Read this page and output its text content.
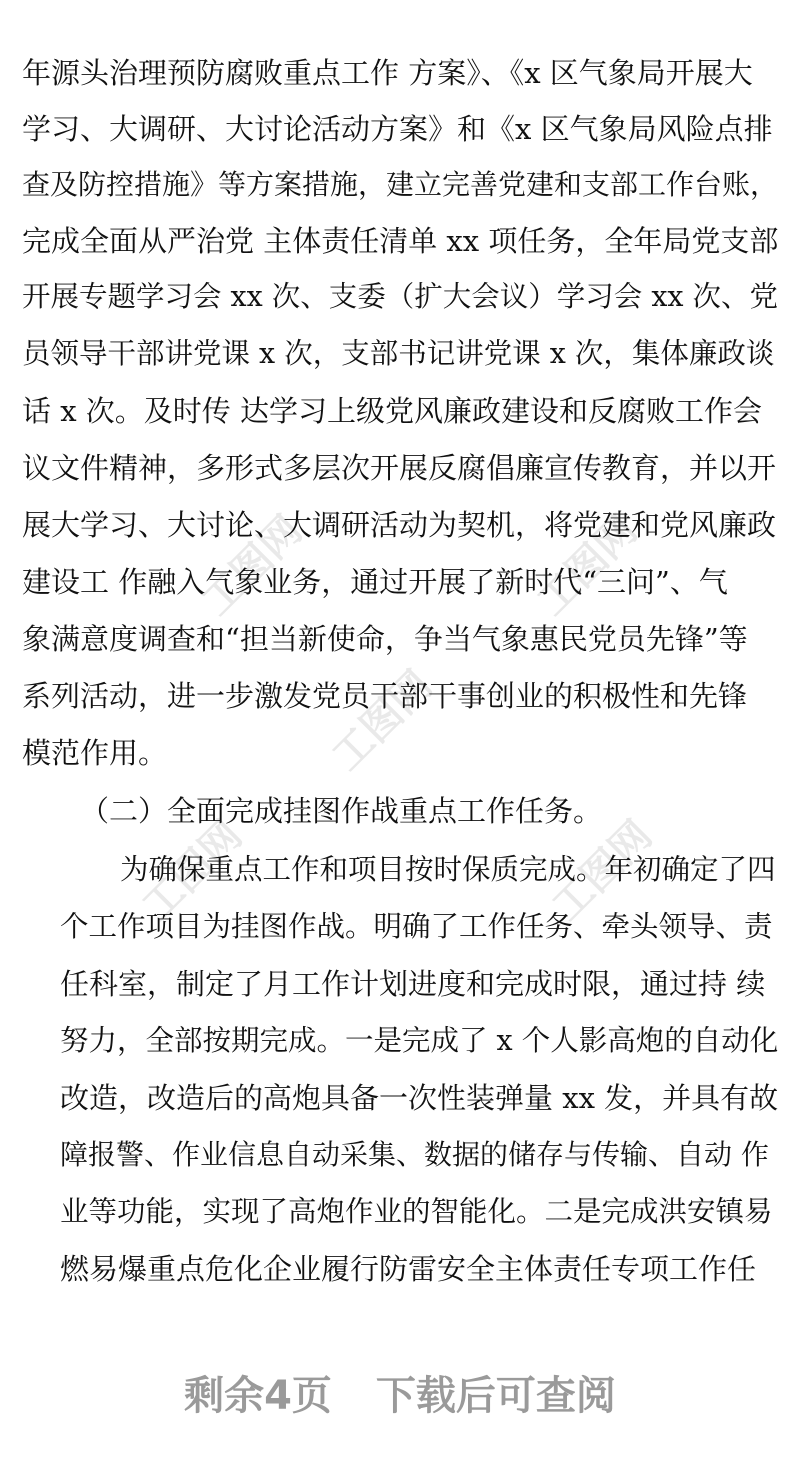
工图网
工图网
工图网
工图网	工图网
年源头治理预防腐败重点工作 方案》、《x 区气象局开展大
学习、大调研、大讨论活动方案》和《x 区气象局风险点排
查及防控措施》等方案措施，建立完善党建和支部工作台账，
完成全面从严治党 主体责任清单 xx 项任务，全年局党支部
开展专题学习会 xx 次、支委（扩大会议）学习会 xx 次、党
员领导干部讲党课 x 次，支部书记讲党课 x 次，集体廉政谈
话 x 次。及时传 达学习上级党风廉政建设和反腐败工作会
议文件精神，多形式多层次开展反腐倡廉宣传教育，并以开
展大学习、大讨论、大调研活动为契机，将党建和党风廉政
建设工 作融入气象业务，通过开展了新时代“三问”、气
象满意度调查和“担当新使命，争当气象惠民党员先锋”等
系列活动，进一步激发党员干部干事创业的积极性和先锋
模范作用。
（二）全面完成挂图作战重点工作任务。
为确保重点工作和项目按时保质完成。年初确定了四
个工作项目为挂图作战。明确了工作任务、牵头领导、责
任科室，制定了月工作计划进度和完成时限，通过持 续
努力，全部按期完成。一是完成了 x 个人影高炮的自动化
改造，改造后的高炮具备一次性装弹量 xx 发，并具有故
障报警、作业信息自动采集、数据的储存与传输、自动 作
业等功能，实现了高炮作业的智能化。二是完成洪安镇易
燃易爆重点危化企业履行防雷安全主体责任专项工作任
剩余4页 下载后可查阅
